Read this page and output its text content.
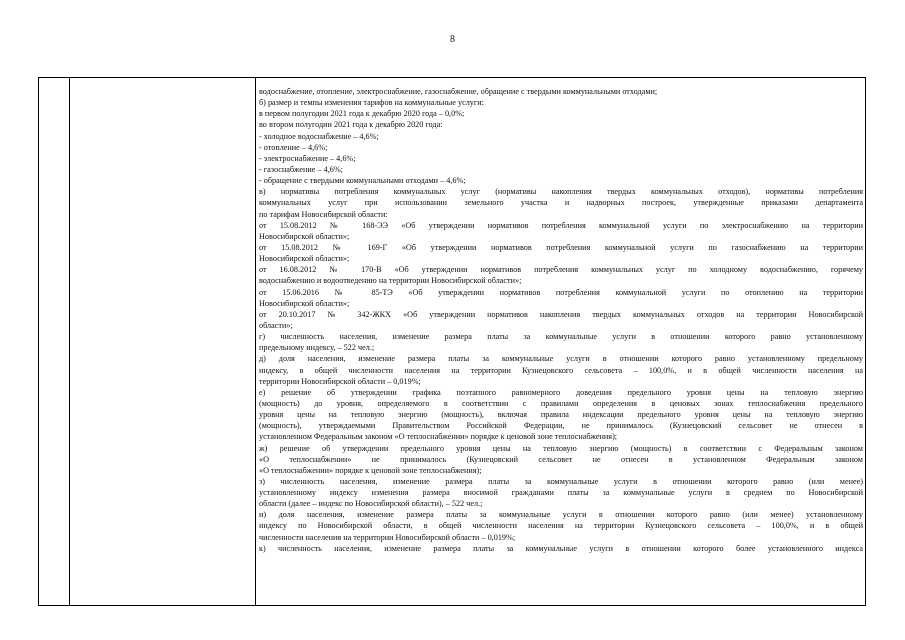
8
водоснабжение, отопление, электроснабжение, газоснабжение, обращение с твердыми коммунальными отходами;
б) размер и темпы изменения тарифов на коммунальные услуги:
в первом полугодии 2021 года к декабрю 2020 года – 0,0%;
во втором полугодии 2021 года к декабрю 2020 года:
- холодное водоснабжение – 4,6%;
- отопление – 4,6%;
- электроснабжение – 4,6%;
- газоснабжение – 4,6%;
- обращение с твердыми коммунальными отходами – 4,6%;
в) нормативы потребления коммунальных услуг (нормативы накопления твердых коммунальных отходов), нормативы потребления
коммунальных услуг при использовании земельного участка и надворных построек, утвержденные приказами департамента
по тарифам Новосибирской области:
от 15.08.2012 № 168-ЭЭ «Об утверждении нормативов потребления коммунальной услуги по электроснабжению на территории
Новосибирской области»;
от 15.08.2012 № 169-Г «Об утверждении нормативов потребления коммунальной услуги по газоснабжению на территории
Новосибирской области»;
от 16.08.2012 № 170-В «Об утверждении нормативов потребления коммунальных услуг по холодному водоснабжению, горячему
водоснабжению и водоотведению на территории Новосибирской области»;
от 15.06.2016 № 85-ТЭ «Об утверждении нормативов потребления коммунальной услуги по отоплению на территории
Новосибирской области»;
от 20.10.2017 № 342-ЖКХ «Об утверждении нормативов накопления твердых коммунальных отходов на территории Новосибирской
области»;
г) численность населения, изменение размера платы за коммунальные услуги в отношении которого равно установленному
предельному индексу, – 522 чел.;
д) доля населения, изменение размера платы за коммунальные услуги в отношении которого равно установленному предельному
индексу, в общей численности населения на территории Кузнецовского сельсовета – 100,0%, и в общей численности населения на
территории Новосибирской области – 0,019%;
е) решение об утверждении графика поэтапного равномерного доведения предельного уровня цены на тепловую энергию
(мощность) до уровня, определяемого в соответствии с правилами определения в ценовых зонах теплоснабжения предельного
уровня цены на тепловую энергию (мощность), включая правила индексации предельного уровня цены на тепловую энергию
(мощность), утверждаемыми Правительством Российской Федерации, не принималось (Кузнецовский сельсовет не отнесен в
установленном Федеральным законом «О теплоснабжении» порядке к ценовой зоне теплоснабжения);
ж) решение об утверждении предельного уровня цены на тепловую энергию (мощность) в соответствии с Федеральным законом
«О теплоснабжении» не принималось (Кузнецовский сельсовет не отнесен в установленном Федеральным законом
«О теплоснабжении» порядке к ценовой зоне теплоснабжения);
з) численность населения, изменение размера платы за коммунальные услуги в отношении которого равно (или менее)
установленному индексу изменения размера вносимой гражданами платы за коммунальные услуги в среднем по Новосибирской
области (далее – индекс по Новосибирской области), – 522 чел.;
и) доля населения, изменение размера платы за коммунальные услуги в отношении которого равно (или менее) установленному
индексу по Новосибирской области, в общей численности населения на территории Кузнецовского сельсовета – 100,0%, и в общей
численности населения на территории Новосибирской области – 0,019%;
к) численность населения, изменение размера платы за коммунальные услуги в отношении которого более установленного индекса
